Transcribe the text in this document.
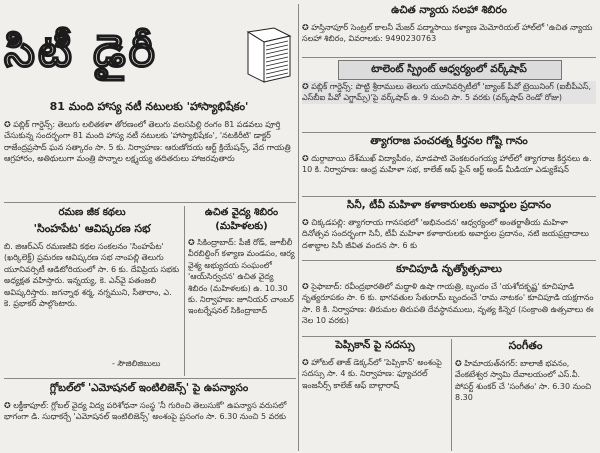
సిటీ డైరీ
81 మంది హాస్య నటీ నటులకు 'హాస్యాభిషేకం'
✪ పబ్లిక్ గార్డెన్స్: తెలుగు లలితకళా తోరణంలో తెలుగు వలసపిల్లి రంగం 81 పడవలు పూర్తి చేసుకున్న సందర్భంగా 81 మంది హాస్య నటీ నటులకు 'హాస్యాభిషేకం', 'నటకిరీటి' డాక్టర్ రాజేంద్రప్రసాద్ ఘన సత్కారం సా. 5 కు. నిర్వాహణ: ఆరుణోదయ ఆర్ట్ క్రియేషన్స్, వేద గాయత్రి ఆగ్రహారం, అతిథులుగా మంత్రి పొన్నాల లక్ష్మయ్య తదితరులు హాజరవుతారు
రమణ జీక కథలు
'సింహపేట' ఆవిష్కరణ సభ
బి. జిఆర్‌ఎస్ రమణజీవి కథల సంకలనం 'సింహపేట' (ఖర్కిలెక్ట్) ప్రమరణ ఆవిష్కరణ సభ నాంపల్లి తెలుగు యూనివర్సిటీ ఆడిటోరియంలో సా. 6 కు. దేవిప్రియ సభకు అధ్యక్షత వహిస్తారు. ఇన్నయ్య, కె. ఎన్‌వై పతంజలి అవిష్కరిస్తారు. జగన్నాథ శర్మ, నగ్నముని, సీతారాం, ఎ. కె. ప్రభాకర్ పాల్గొంటారు.
- సౌజిలిజిబులు
ఉచిత వైద్య శిబిరం (మహిళలకు)
✪ సికింద్రాబాద్: పీజీ రోడ్, జూబీలీ వీరబిల్డింగ్ కళ్యాణ మండపం, ఆర్య వైశ్య అభ్యుదయ సంఘంలో 'ఆయ్‌సిర్వచన' ఉచిత వైద్య శిబిరం (మహిళలకు) ఉ. 10.30 కు. నిర్వాహణ: జూనియర్ చాంబర్ ఇంటర్నేషనల్ సికింద్రాబాద్
గ్లోబల్‌లో 'ఎమోషనల్ ఇంటిలిజెన్స్' పై ఉపన్యాసం
✪ లక్డీకాపూల్: గ్లోబల్ వైద్య విద్య పరిశోధనా సంస్థ 'నీ గురించి తెలుసుకో' ఉపన్యాస వరుసలో భాగంగా డి. సుధాకర్చే 'ఎమోషనల్ ఇంటిలిజెన్స్' అంశంపై ప్రసంగం సా. 6.30 నుంచి 5 వరకు
ఉచిత న్యాయ సలహా శిబిరం
✪ హస్తినాపూర్ సెంట్రల్ కాలనీ మేజర్ పద్మాసాయి కళ్యాణ మెమోరియల్ హాల్‌లో 'ఉచిత న్యాయ సలహా శిబిరం, వివరాలకు: 9490230763
టాలెంట్ స్ప్రింట్ ఆధ్వర్యంలో వర్క్‌షాప్
✪ పబ్లిక్ గార్డెన్స్: పొట్టి శ్రీరాములు తెలుగు యూనివర్సిటీలో 'బ్యాంక్ పీవో ట్రెయినింగ్ (ఐబీపీఎస్, ఎస్‌బీఐ పీవో ఎగ్జామ్స్)'పై వర్క్‌షాప్ ఉ. 9 నుంచి సా. 5 వరకు (వర్క్‌షాప్ రెండో రోజు)
త్యాగరాజ పంచరత్న కీర్తనల గోష్టి గానం
✪ దుర్గాబాయి దేశ్‌ముఖ్ విద్యాపీఠం, మాడపాటి వెంకటరంగయ్య హాల్‌లో త్యాగరాజ కీర్తనలు ఉ. 10 కి. నిర్వాహణ: ఆంధ్ర మహిళా సభ, కాలేజ్ ఆఫ్ ఫైన్ ఆర్ట్ అండ్ మీడియా ఎడ్యుకేషన్
సినీ, టీవీ మహిళా కళాకారులకు అవార్డుల ప్రదానం
✪ చిక్కడపల్లి: త్యాగరాయ గానసభలో 'అభినందన' ఆధ్వర్యంలో అంతర్జాతీయ మహిళా దినోత్సవ సందర్భంగా సినీ, టీవీ మహిళా కళాకారులకు అవార్డుల ప్రదానం, నటి జయప్రద్రాదాలు దశాబ్దాల సినీ జీవిత వందన సా. 6 కు
కూచిపూడి నృత్యోత్సవాలు
✪ సైఫాబాద్: రవీంద్రభారతిలో మద్దాళి ఉషా గాయత్రి, బృందం చే 'యశోదకృష్ణ' కూచిపూడి నృత్యరూపకం సా. 6 కు. భాగవతుల సేతురామ్ బృందంచే 'రామ నాటకం' కూచిపూడి యక్షగానం సా. 8 కి. నిర్వాహణ: తిరుమల తిరుపతి దేవస్థానములు, నృత్య కిన్నెర (సంక్రాంతి ఉత్సవాలు ఈ నెల 10 వరకు)
పెప్సికాన్ పై సదస్సు
✪ హోటల్ తాజ్ డెక్కన్‌లో 'పెప్సికాన్' అంశంపై సదస్సు సా. 4 కు. నిర్వాహణ: ఫ్యూచరల్ ఇంజనీర్స్ కాలేజ్ ఆఫ్ బాల్గారాష్
సంగీతం
✪ హిమాయత్‌నగర్: బాలాజీ భవనం, వేంకటేశ్వర స్వామి దేవాలయంలో ఎస్.వీ. పోపర్ట్ శుంకర్ చే 'సంగీతం' సా. 6.30 నుంచి 8.30
